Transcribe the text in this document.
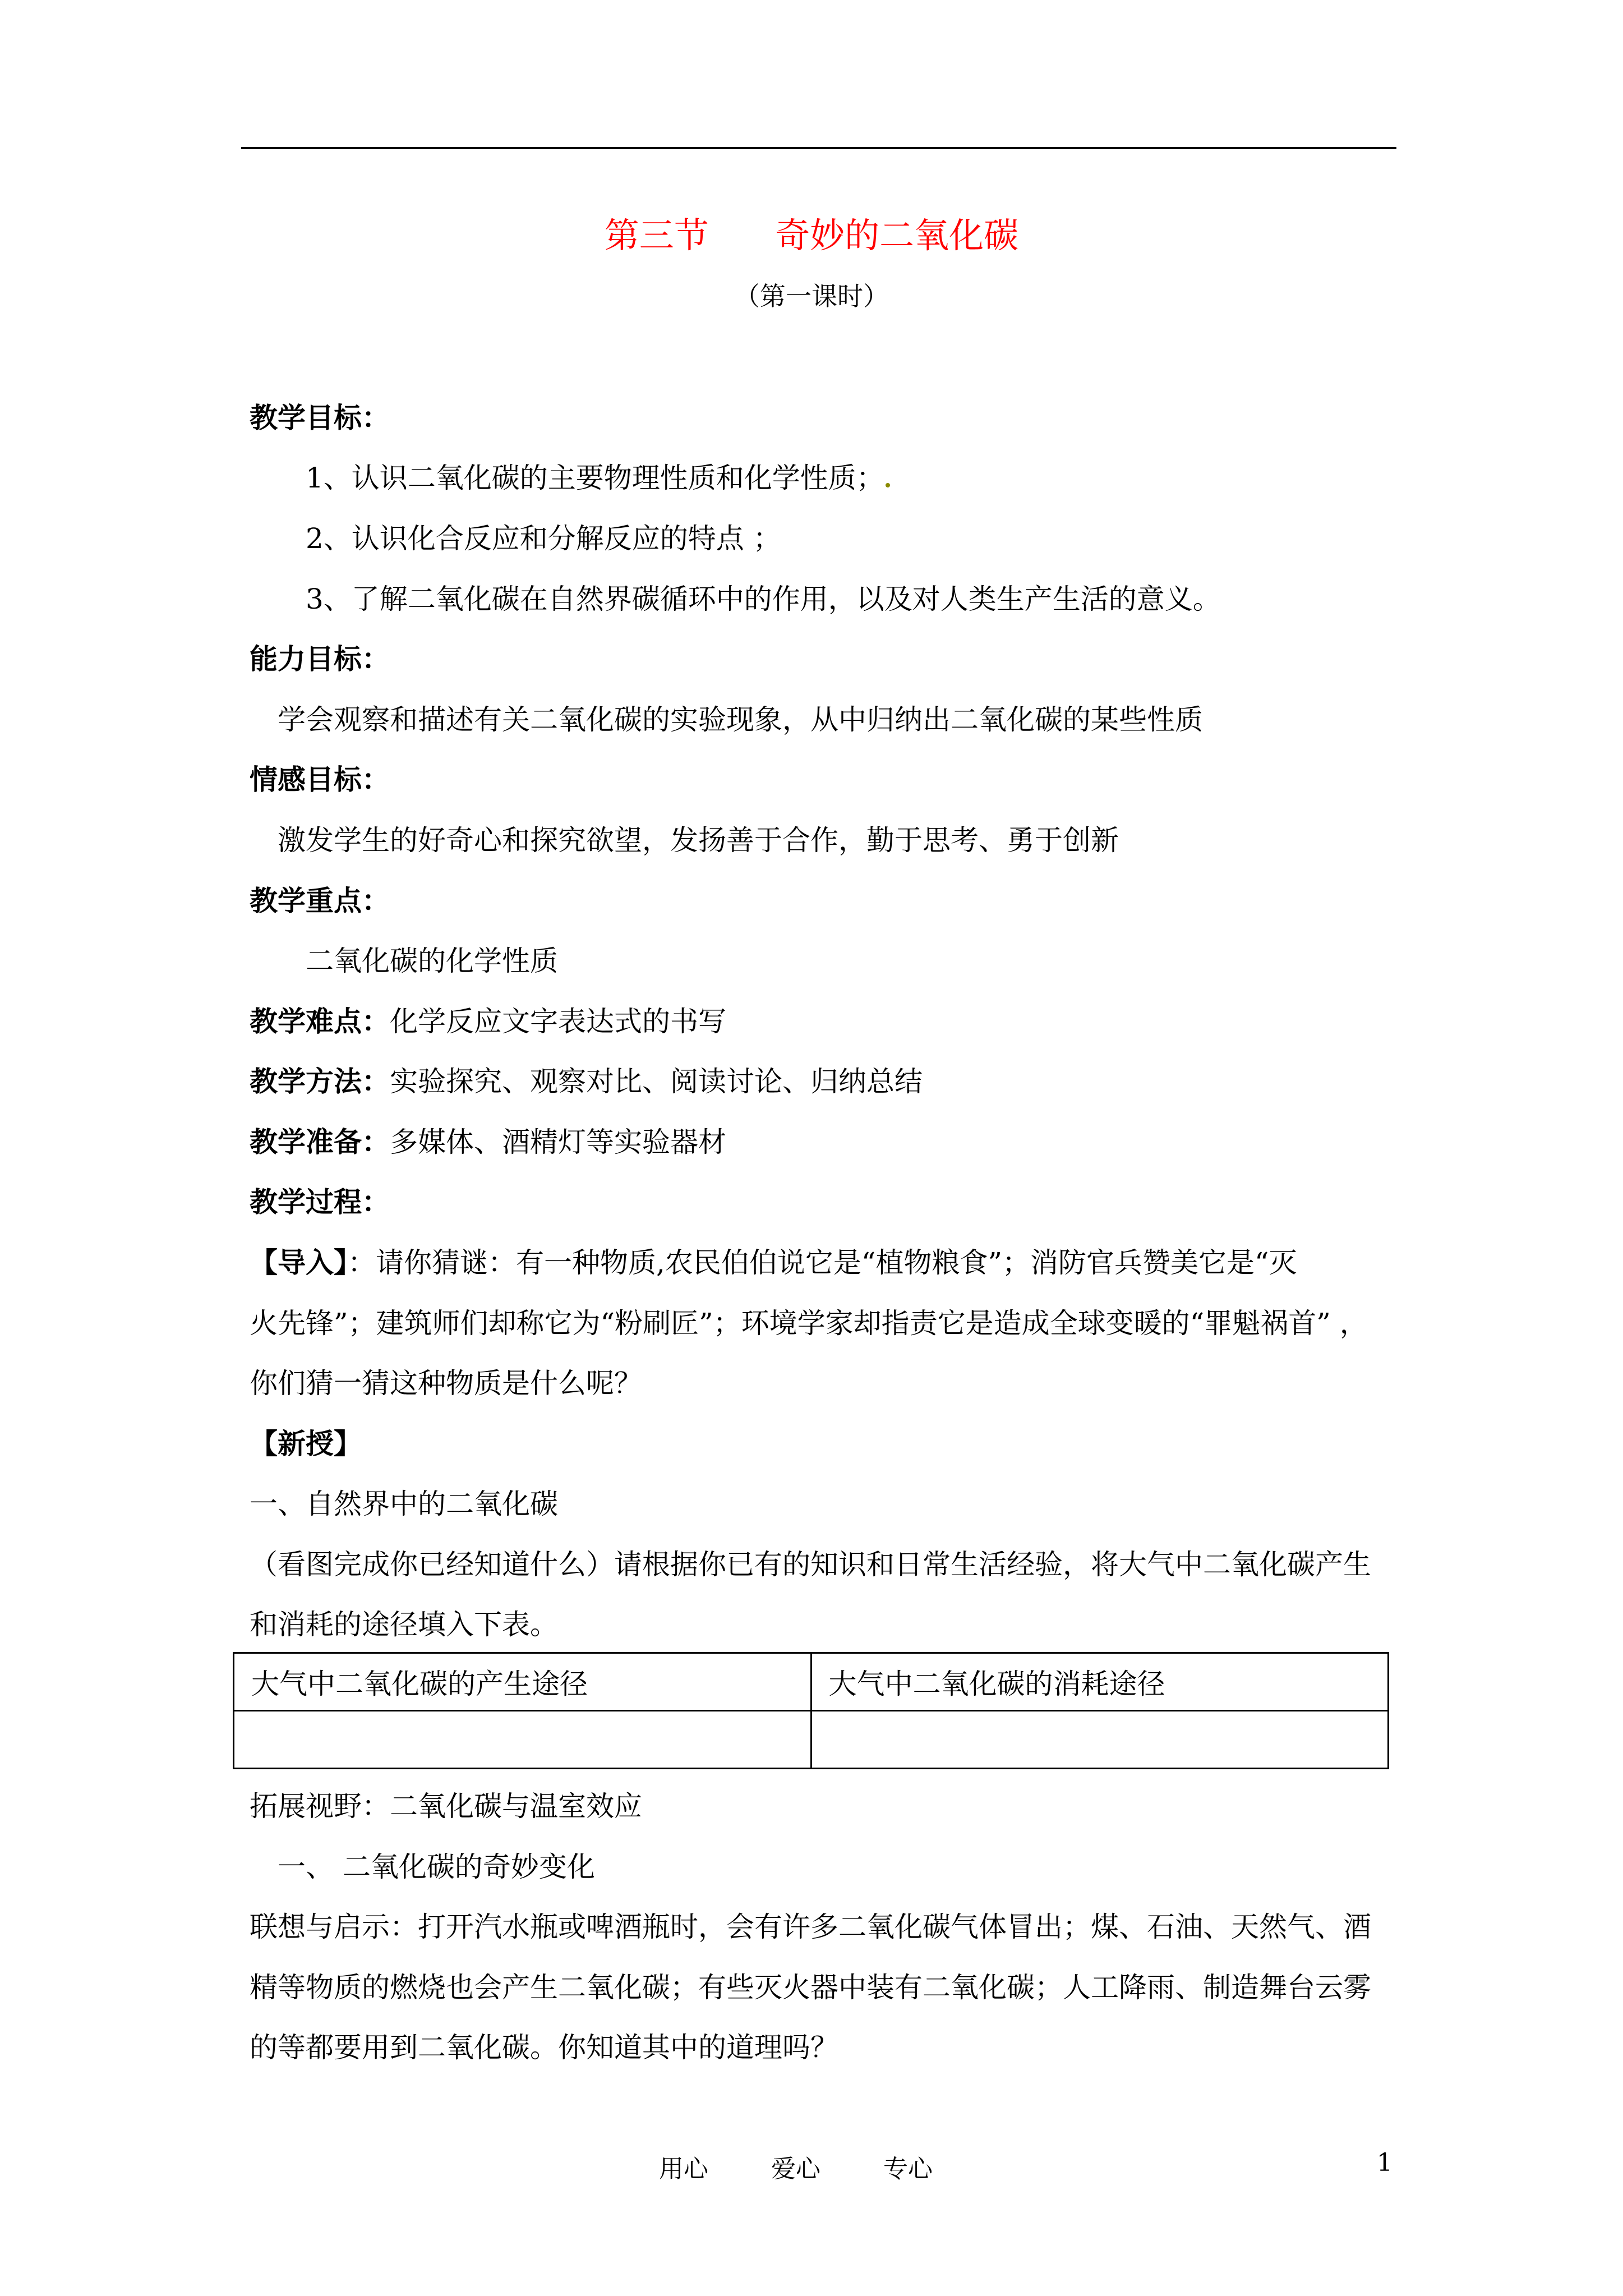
第三节      奇妙的二氧化碳
（第一课时）
教学目标：
1、认识二氧化碳的主要物理性质和化学性质；
2、认识化合反应和分解反应的特点 ；
3、了解二氧化碳在自然界碳循环中的作用，以及对人类生产生活的意义。
能力目标：
学会观察和描述有关二氧化碳的实验现象，从中归纳出二氧化碳的某些性质
情感目标：
激发学生的好奇心和探究欲望，发扬善于合作，勤于思考、勇于创新
教学重点：
二氧化碳的化学性质
教学难点：化学反应文字表达式的书写
教学方法：实验探究、观察对比、阅读讨论、归纳总结
教学准备：多媒体、酒精灯等实验器材
教学过程：
【导入】：请你猜谜：有一种物质,农民伯伯说它是“植物粮食”；消防官兵赞美它是“灭
火先锋”；建筑师们却称它为“粉刷匠”；环境学家却指责它是造成全球变暖的“罪魁祸首” ，
你们猜一猜这种物质是什么呢？
【新授】
一、自然界中的二氧化碳
（看图完成你已经知道什么）请根据你已有的知识和日常生活经验，将大气中二氧化碳产生
和消耗的途径填入下表。
大气中二氧化碳的产生途径	大气中二氧化碳的消耗途径

拓展视野：二氧化碳与温室效应
一、 二氧化碳的奇妙变化
联想与启示：打开汽水瓶或啤酒瓶时，会有许多二氧化碳气体冒出；煤、石油、天然气、酒
精等物质的燃烧也会产生二氧化碳；有些灭火器中装有二氧化碳；人工降雨、制造舞台云雾
的等都要用到二氧化碳。你知道其中的道理吗？
用心	爱心	专心	1
